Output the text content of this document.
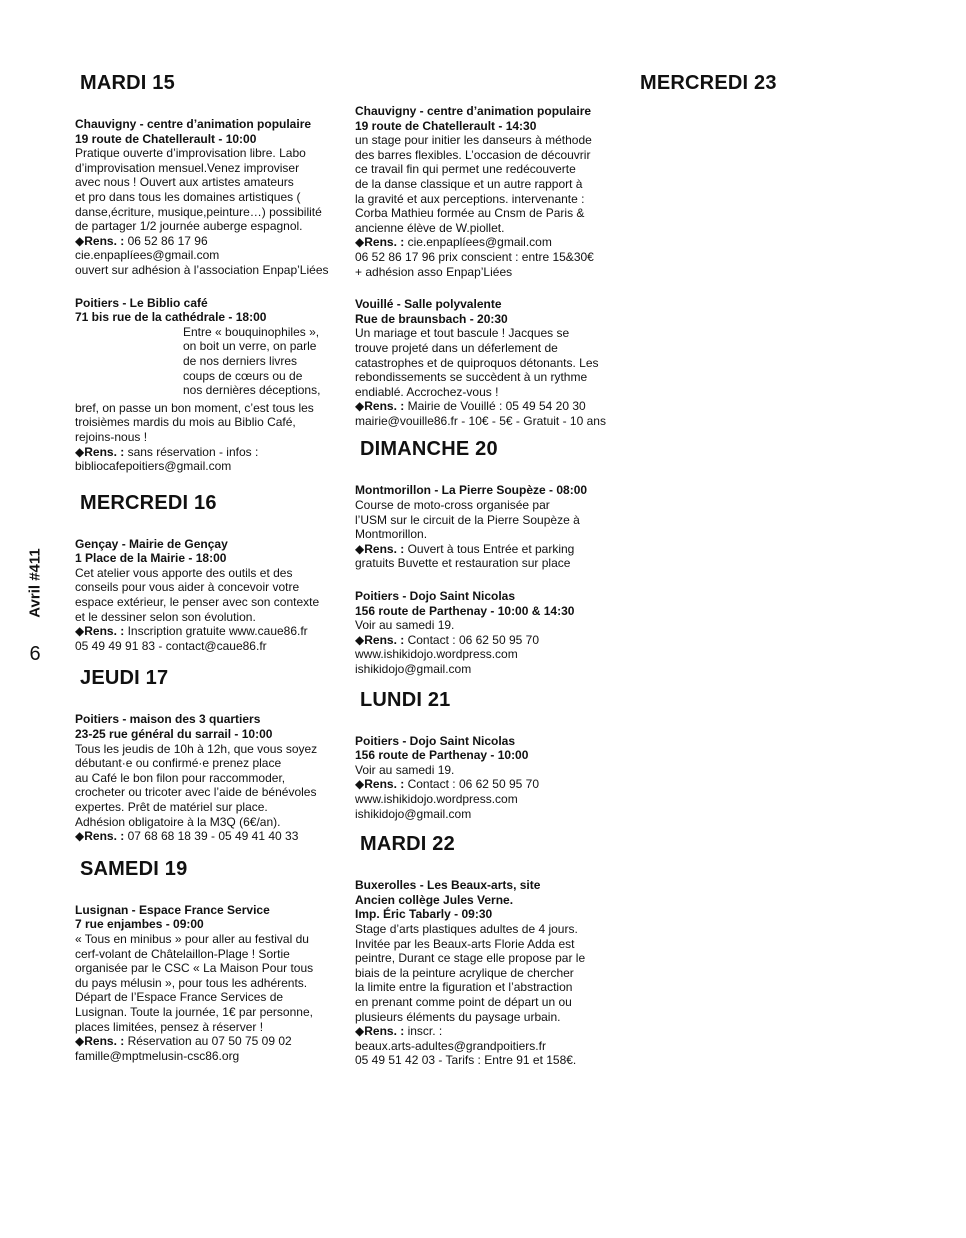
Avril #411
6
MARDI 15
Chauvigny - centre d’animation populaire
19 route de Chatellerault - 10:00
Pratique ouverte d’improvisation libre. Labo
d’improvisation mensuel.Venez improviser
avec nous ! Ouvert aux artistes amateurs
et pro dans tous les domaines artistiques (
danse,écriture, musique,peinture…) possibilité
de partager 1/2 journée auberge espagnol.
◆Rens. : 06 52 86 17 96
cie.enpaplíees@gmail.com
ouvert sur adhésion à l’association Enpap’Liées
Poitiers - Le Biblio café
71 bis rue de la cathédrale - 18:00
Entre « bouquinophiles »,
on boit un verre, on parle
de nos derniers livres
coups de cœurs ou de
nos dernières déceptions,
bref, on passe un bon moment, c’est tous les
troisièmes mardis du mois au Biblio Café,
rejoins-nous !
◆Rens. : sans réservation - infos :
bibliocafepoitiers@gmail.com
MERCREDI 16
Gençay - Mairie de Gençay
1 Place de la Mairie - 18:00
Cet atelier vous apporte des outils et des
conseils pour vous aider à concevoir votre
espace extérieur, le penser avec son contexte
et le dessiner selon son évolution.
◆Rens. : Inscription gratuite www.caue86.fr
05 49 49 91 83 - contact@caue86.fr
JEUDI 17
Poitiers - maison des 3 quartiers
23-25 rue général du sarrail - 10:00
Tous les jeudis de 10h à 12h, que vous soyez
débutant·e ou confirmé·e prenez place
au Café le bon filon pour raccommoder,
crocheter ou tricoter avec l’aide de bénévoles
expertes. Prêt de matériel sur place.
Adhésion obligatoire à la M3Q (6€/an).
◆Rens. : 07 68 68 18 39 - 05 49 41 40 33
SAMEDI 19
Lusignan - Espace France Service
7 rue enjambes - 09:00
« Tous en minibus » pour aller au festival du
cerf-volant de Châtelaillon-Plage ! Sortie
organisée par le CSC « La Maison Pour tous
du pays mélusin », pour tous les adhérents.
Départ de l’Espace France Services de
Lusignan. Toute la journée, 1€ par personne,
places limitées, pensez à réserver !
◆Rens. : Réservation au 07 50 75 09 02
famille@mptmelusin-csc86.org
Chauvigny - centre d’animation populaire
19 route de Chatellerault - 14:30
un stage pour initier les danseurs à méthode
des barres flexibles. L’occasion de découvrir
ce travail fin qui permet une redécouverte
de la danse classique et un autre rapport à
la gravité et aux perceptions. intervenante :
Corba Mathieu formée au Cnsm de Paris &
ancienne élève de W.piollet.
◆Rens. : cie.enpaplíees@gmail.com
06 52 86 17 96 prix conscient : entre 15&30€
+ adhésion asso Enpap’Liées
Vouillé - Salle polyvalente
Rue de braunsbach - 20:30
Un mariage et tout bascule ! Jacques se
trouve projeté dans un déferlement de
catastrophes et de quiproquos détonants. Les
rebondissements se succèdent à un rythme
endiablé. Accrochez-vous !
◆Rens. : Mairie de Vouillé : 05 49 54 20 30
mairie@vouille86.fr - 10€ - 5€ - Gratuit - 10 ans
DIMANCHE 20
Montmorillon - La Pierre Soupèze - 08:00
Course de moto-cross organisée par
l’USM sur le circuit de la Pierre Soupèze à
Montmorillon.
◆Rens. : Ouvert à tous Entrée et parking
gratuits Buvette et restauration sur place
Poitiers - Dojo Saint Nicolas
156 route de Parthenay - 10:00 & 14:30
Voir au samedi 19.
◆Rens. : Contact : 06 62 50 95 70
www.ishikidojo.wordpress.com
ishikidojo@gmail.com
LUNDI 21
Poitiers - Dojo Saint Nicolas
156 route de Parthenay - 10:00
Voir au samedi 19.
◆Rens. : Contact : 06 62 50 95 70
www.ishikidojo.wordpress.com
ishikidojo@gmail.com
MARDI 22
Buxerolles - Les Beaux-arts, site
Ancien collège Jules Verne.
Imp. Éric Tabarly - 09:30
Stage d’arts plastiques adultes de 4 jours.
Invitée par les Beaux-arts Florie Adda est
peintre, Durant ce stage elle propose par le
biais de la peinture acrylique de chercher
la limite entre la figuration et l’abstraction
en prenant comme point de départ un ou
plusieurs éléments du paysage urbain.
◆Rens. : inscr. :
beaux.arts-adultes@grandpoitiers.fr
05 49 51 42 03 - Tarifs : Entre 91 et 158€.
MERCREDI 23
